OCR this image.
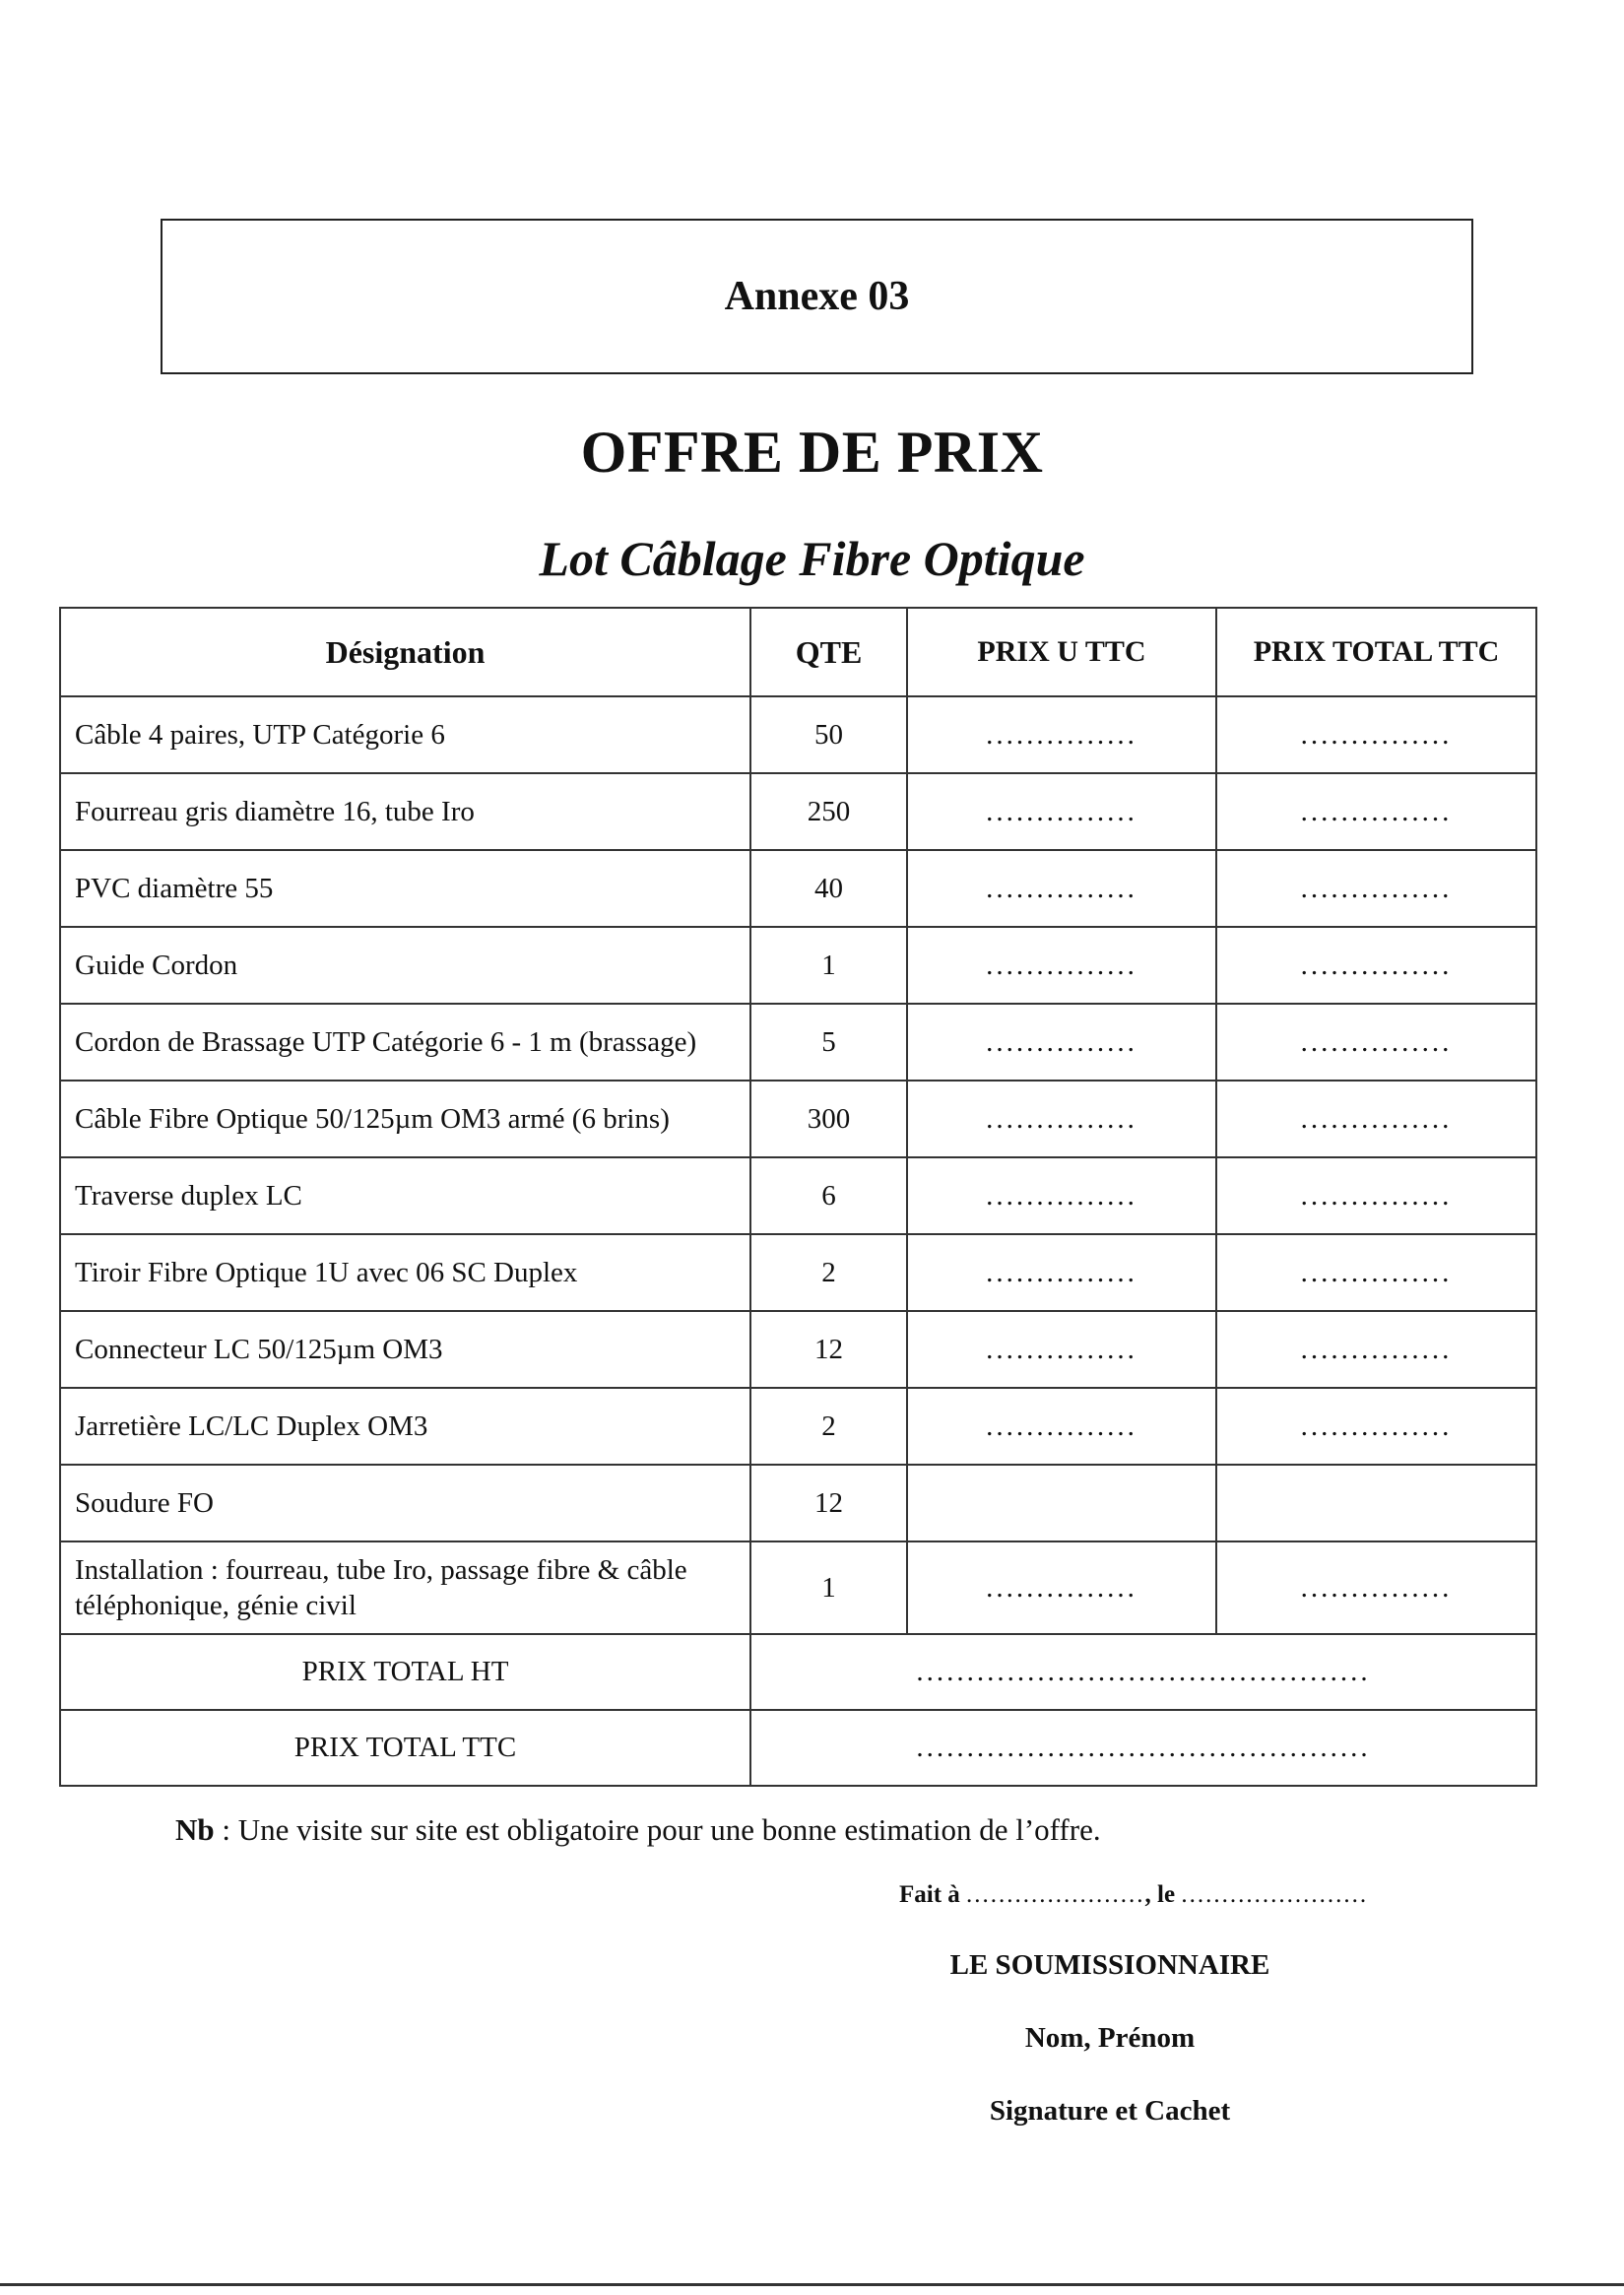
Annexe 03
OFFRE DE PRIX
Lot Câblage Fibre Optique
Désignation	QTE	PRIX U TTC	PRIX TOTAL TTC
Câble 4 paires, UTP Catégorie 6	50	...............	...............
Fourreau gris diamètre 16, tube Iro	250	...............	...............
PVC diamètre 55	40	...............	...............
Guide Cordon	1	...............	...............
Cordon de Brassage UTP Catégorie 6 - 1 m (brassage)	5	...............	...............
Câble Fibre Optique 50/125µm OM3 armé (6 brins)	300	...............	...............
Traverse duplex LC	6	...............	...............
Tiroir Fibre Optique 1U avec 06 SC Duplex	2	...............	...............
Connecteur LC 50/125µm OM3	12	...............	...............
Jarretière LC/LC Duplex OM3	2	...............	...............
Soudure FO	12		
Installation : fourreau, tube Iro, passage fibre & câble téléphonique, génie civil	1	...............	...............
PRIX TOTAL HT	.............................................		
PRIX TOTAL TTC	.............................................		
Nb : Une visite sur site est obligatoire pour une bonne estimation de l’offre.
Fait à ......................, le .......................
LE SOUMISSIONNAIRE
Nom, Prénom
Signature et Cachet
